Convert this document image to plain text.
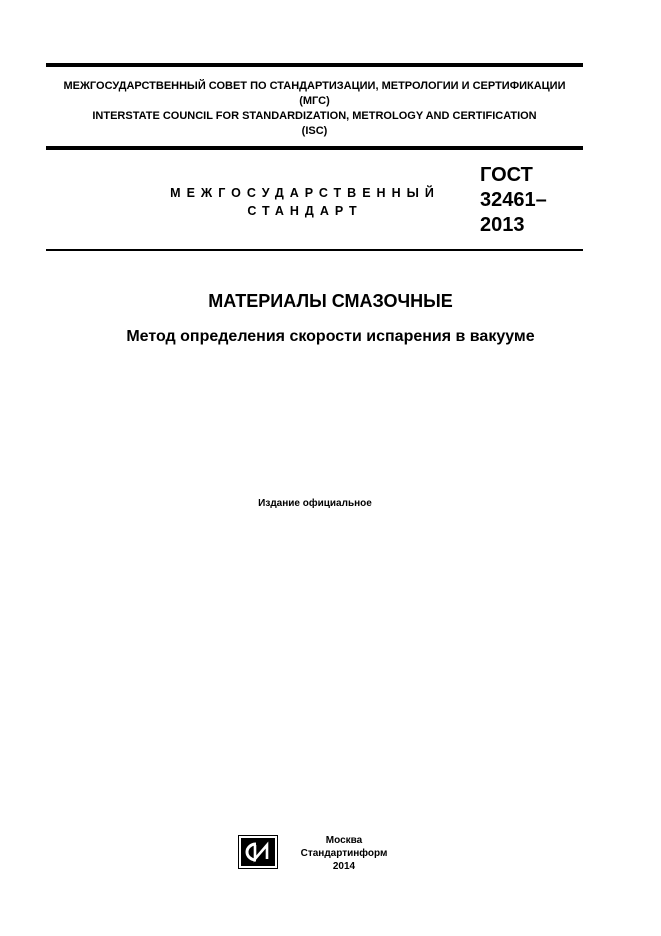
МЕЖГОСУДАРСТВЕННЫЙ СОВЕТ ПО СТАНДАРТИЗАЦИИ, МЕТРОЛОГИИ И СЕРТИФИКАЦИИ
(МГС)
INTERSTATE COUNCIL FOR STANDARDIZATION, METROLOGY AND CERTIFICATION
(ISC)
МЕЖГОСУДАРСТВЕННЫЙ
СТАНДАРТ
ГОСТ
32461–
2013
МАТЕРИАЛЫ СМАЗОЧНЫЕ
Метод определения скорости испарения в вакууме
Издание официальное
Москва
Стандартинформ
2014
